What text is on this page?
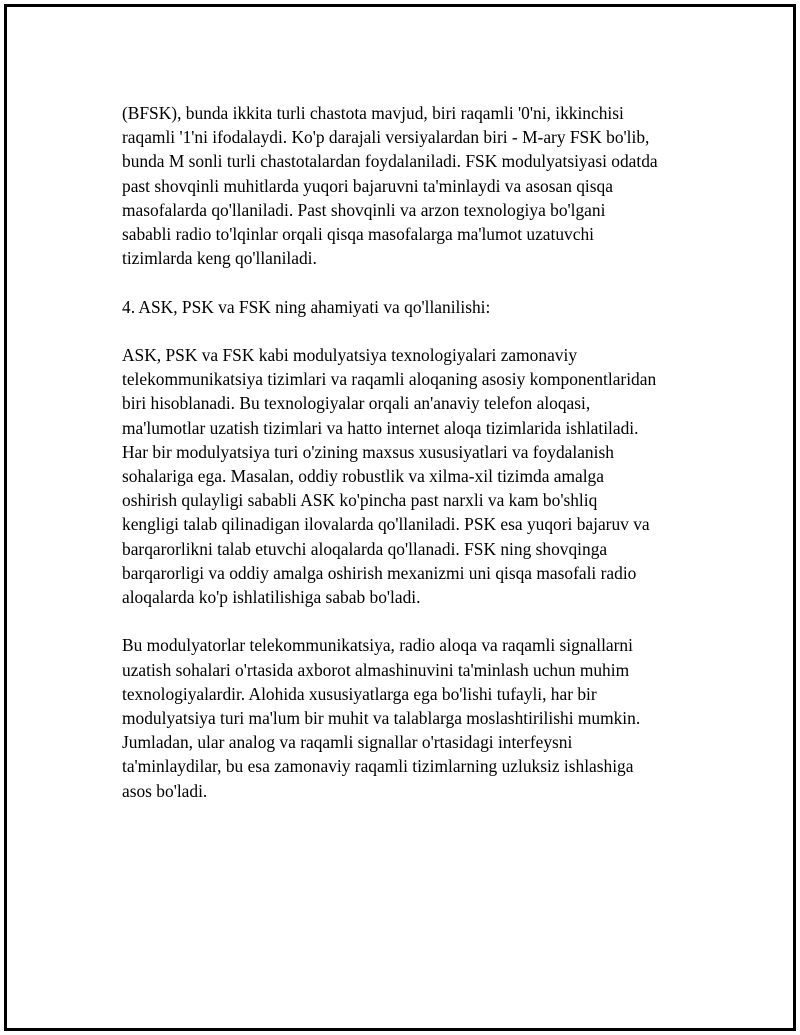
(BFSK), bunda ikkita turli chastota mavjud, biri raqamli '0'ni, ikkinchisi
raqamli '1'ni ifodalaydi. Ko'p darajali versiyalardan biri - M-ary FSK bo'lib,
bunda M sonli turli chastotalardan foydalaniladi. FSK modulyatsiyasi odatda
past shovqinli muhitlarda yuqori bajaruvni ta'minlaydi va asosan qisqa
masofalarda qo'llaniladi. Past shovqinli va arzon texnologiya bo'lgani
sababli radio to'lqinlar orqali qisqa masofalarga ma'lumot uzatuvchi
tizimlarda keng qo'llaniladi.
4. ASK, PSK va FSK ning ahamiyati va qo'llanilishi:
ASK, PSK va FSK kabi modulyatsiya texnologiyalari zamonaviy
telekommunikatsiya tizimlari va raqamli aloqaning asosiy komponentlaridan
biri hisoblanadi. Bu texnologiyalar orqali an'anaviy telefon aloqasi,
ma'lumotlar uzatish tizimlari va hatto internet aloqa tizimlarida ishlatiladi.
Har bir modulyatsiya turi o'zining maxsus xususiyatlari va foydalanish
sohalariga ega. Masalan, oddiy robustlik va xilma-xil tizimda amalga
oshirish qulayligi sababli ASK ko'pincha past narxli va kam bo'shliq
kengligi talab qilinadigan ilovalarda qo'llaniladi. PSK esa yuqori bajaruv va
barqarorlikni talab etuvchi aloqalarda qo'llanadi. FSK ning shovqinga
barqarorligi va oddiy amalga oshirish mexanizmi uni qisqa masofali radio
aloqalarda ko'p ishlatilishiga sabab bo'ladi.
Bu modulyatorlar telekommunikatsiya, radio aloqa va raqamli signallarni
uzatish sohalari o'rtasida axborot almashinuvini ta'minlash uchun muhim
texnologiyalardir. Alohida xususiyatlarga ega bo'lishi tufayli, har bir
modulyatsiya turi ma'lum bir muhit va talablarga moslashtirilishi mumkin.
Jumladan, ular analog va raqamli signallar o'rtasidagi interfeysni
ta'minlaydilar, bu esa zamonaviy raqamli tizimlarning uzluksiz ishlashiga
asos bo'ladi.
